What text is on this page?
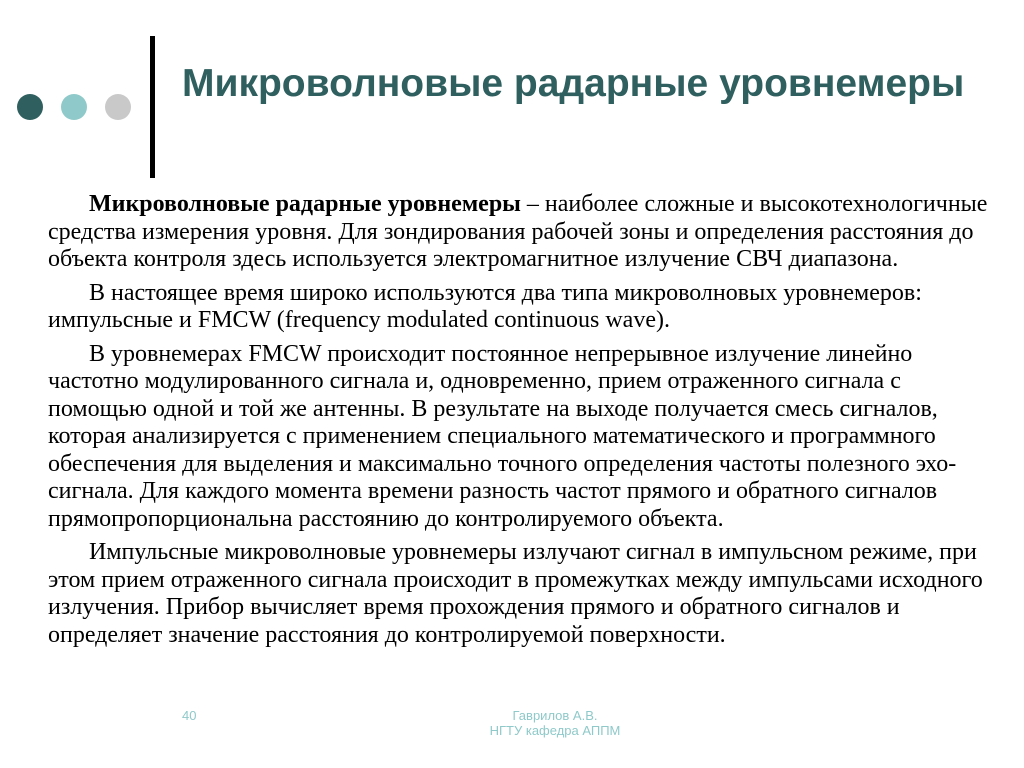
Микроволновые радарные уровнемеры

Микроволновые радарные уровнемеры – наиболее сложные и высокотехнологичные средства измерения уровня. Для зондирования рабочей зоны и определения расстояния до объекта контроля здесь используется электромагнитное излучение СВЧ диапазона.

В настоящее время широко используются два типа микроволновых уровнемеров: импульсные и FMCW (frequency modulated continuous wave).

В уровнемерах FMCW происходит постоянное непрерывное излучение линейно частотно модулированного сигнала и, одновременно, прием отраженного сигнала с помощью одной и той же антенны. В результате на выходе получается смесь сигналов, которая анализируется с применением специального математического и программного обеспечения для выделения и максимально точного определения частоты полезного эхо-сигнала. Для каждого момента времени разность частот прямого и обратного сигналов прямопропорциональна расстоянию до контролируемого объекта.

Импульсные микроволновые уровнемеры излучают сигнал в импульсном режиме, при этом прием отраженного сигнала происходит в промежутках между импульсами исходного излучения. Прибор вычисляет время прохождения прямого и обратного сигналов и определяет значение расстояния до контролируемой поверхности.

40	Гаврилов А.В.
НГТУ кафедра АППМ
